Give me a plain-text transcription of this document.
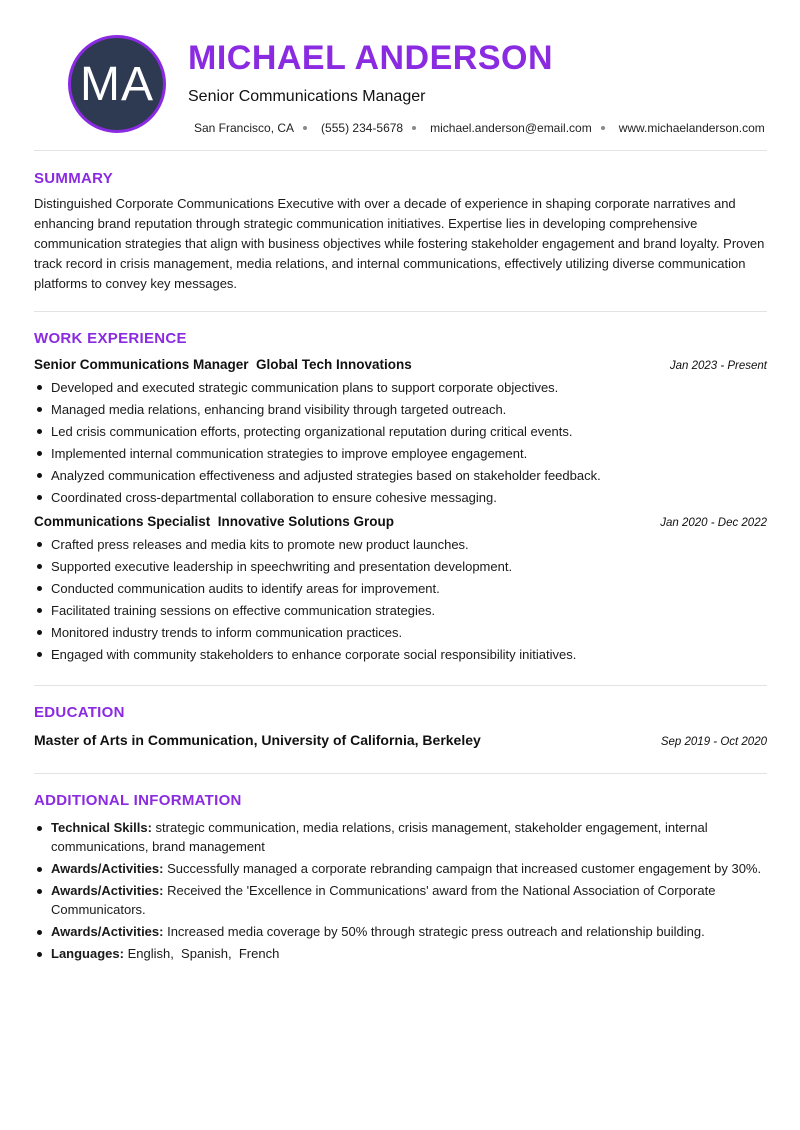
MA	MICHAEL ANDERSON
Senior Communications Manager
San Francisco, CA (555) 234-5678 michael.anderson@email.com www.michaelanderson.com
SUMMARY

Distinguished Corporate Communications Executive with over a decade of experience in shaping corporate narratives and enhancing brand reputation through strategic communication initiatives. Expertise lies in developing comprehensive communication strategies that align with business objectives while fostering stakeholder engagement and brand loyalty. Proven track record in crisis management, media relations, and internal communications, effectively utilizing diverse communication platforms to convey key messages.

WORK EXPERIENCE
Senior Communications Manager  Global Tech Innovations	Jan 2023 - Present
Developed and executed strategic communication plans to support corporate objectives.
Managed media relations, enhancing brand visibility through targeted outreach.
Led crisis communication efforts, protecting organizational reputation during critical events.
Implemented internal communication strategies to improve employee engagement.
Analyzed communication effectiveness and adjusted strategies based on stakeholder feedback.
Coordinated cross-departmental collaboration to ensure cohesive messaging.
Communications Specialist  Innovative Solutions Group	Jan 2020 - Dec 2022
Crafted press releases and media kits to promote new product launches.
Supported executive leadership in speechwriting and presentation development.
Conducted communication audits to identify areas for improvement.
Facilitated training sessions on effective communication strategies.
Monitored industry trends to inform communication practices.
Engaged with community stakeholders to enhance corporate social responsibility initiatives.
EDUCATION
Master of Arts in Communication, University of California, Berkeley	Sep 2019 - Oct 2020
ADDITIONAL INFORMATION
Technical Skills: strategic communication, media relations, crisis management, stakeholder engagement, internal communications, brand management
Awards/Activities: Successfully managed a corporate rebranding campaign that increased customer engagement by 30%.
Awards/Activities: Received the 'Excellence in Communications' award from the National Association of Corporate Communicators.
Awards/Activities: Increased media coverage by 50% through strategic press outreach and relationship building.
Languages: English,  Spanish,  French
